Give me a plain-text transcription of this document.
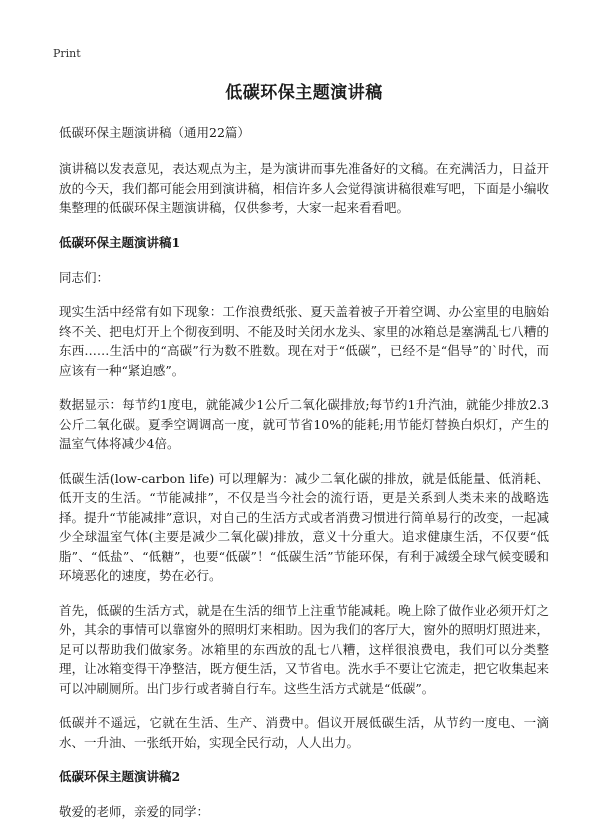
Print
低碳环保主题演讲稿
低碳环保主题演讲稿（通用22篇）

演讲稿以发表意见，表达观点为主，是为演讲而事先准备好的文稿。在充满活力，日益开放的今天，我们都可能会用到演讲稿，相信许多人会觉得演讲稿很难写吧，下面是小编收集整理的低碳环保主题演讲稿，仅供参考，大家一起来看看吧。

低碳环保主题演讲稿1

同志们：

现实生活中经常有如下现象：工作浪费纸张、夏天盖着被子开着空调、办公室里的电脑始终不关、把电灯开上个彻夜到明、不能及时关闭水龙头、家里的冰箱总是塞满乱七八糟的东西……生活中的“高碳”行为数不胜数。现在对于“低碳”，已经不是“倡导”的`时代，而应该有一种“紧迫感”。

数据显示：每节约1度电，就能减少1公斤二氧化碳排放;每节约1升汽油，就能少排放2.3公斤二氧化碳。夏季空调调高一度，就可节省10%的能耗;用节能灯替换白炽灯，产生的温室气体将减少4倍。

低碳生活(low-carbon life) 可以理解为：减少二氧化碳的排放，就是低能量、低消耗、低开支的生活。“节能减排”，不仅是当今社会的流行语，更是关系到人类未来的战略选择。提升“节能减排”意识，对自己的生活方式或者消费习惯进行简单易行的改变，一起减少全球温室气体(主要是减少二氧化碳)排放，意义十分重大。追求健康生活，不仅要“低脂”、“低盐”、“低糖”，也要“低碳”！“低碳生活”节能环保，有利于减缓全球气候变暖和环境恶化的速度，势在必行。

首先，低碳的生活方式，就是在生活的细节上注重节能减耗。晚上除了做作业必须开灯之外，其余的事情可以靠窗外的照明灯来相助。因为我们的客厅大，窗外的照明灯照进来，足可以帮助我们做家务。冰箱里的东西放的乱七八糟，这样很浪费电，我们可以分类整理，让冰箱变得干净整洁，既方便生活，又节省电。洗水手不要让它流走，把它收集起来可以冲刷厕所。出门步行或者骑自行车。这些生活方式就是“低碳”。

低碳并不遥远，它就在生活、生产、消费中。倡议开展低碳生活，从节约一度电、一滴水、一升油、一张纸开始，实现全民行动，人人出力。

低碳环保主题演讲稿2

敬爱的老师，亲爱的同学：
